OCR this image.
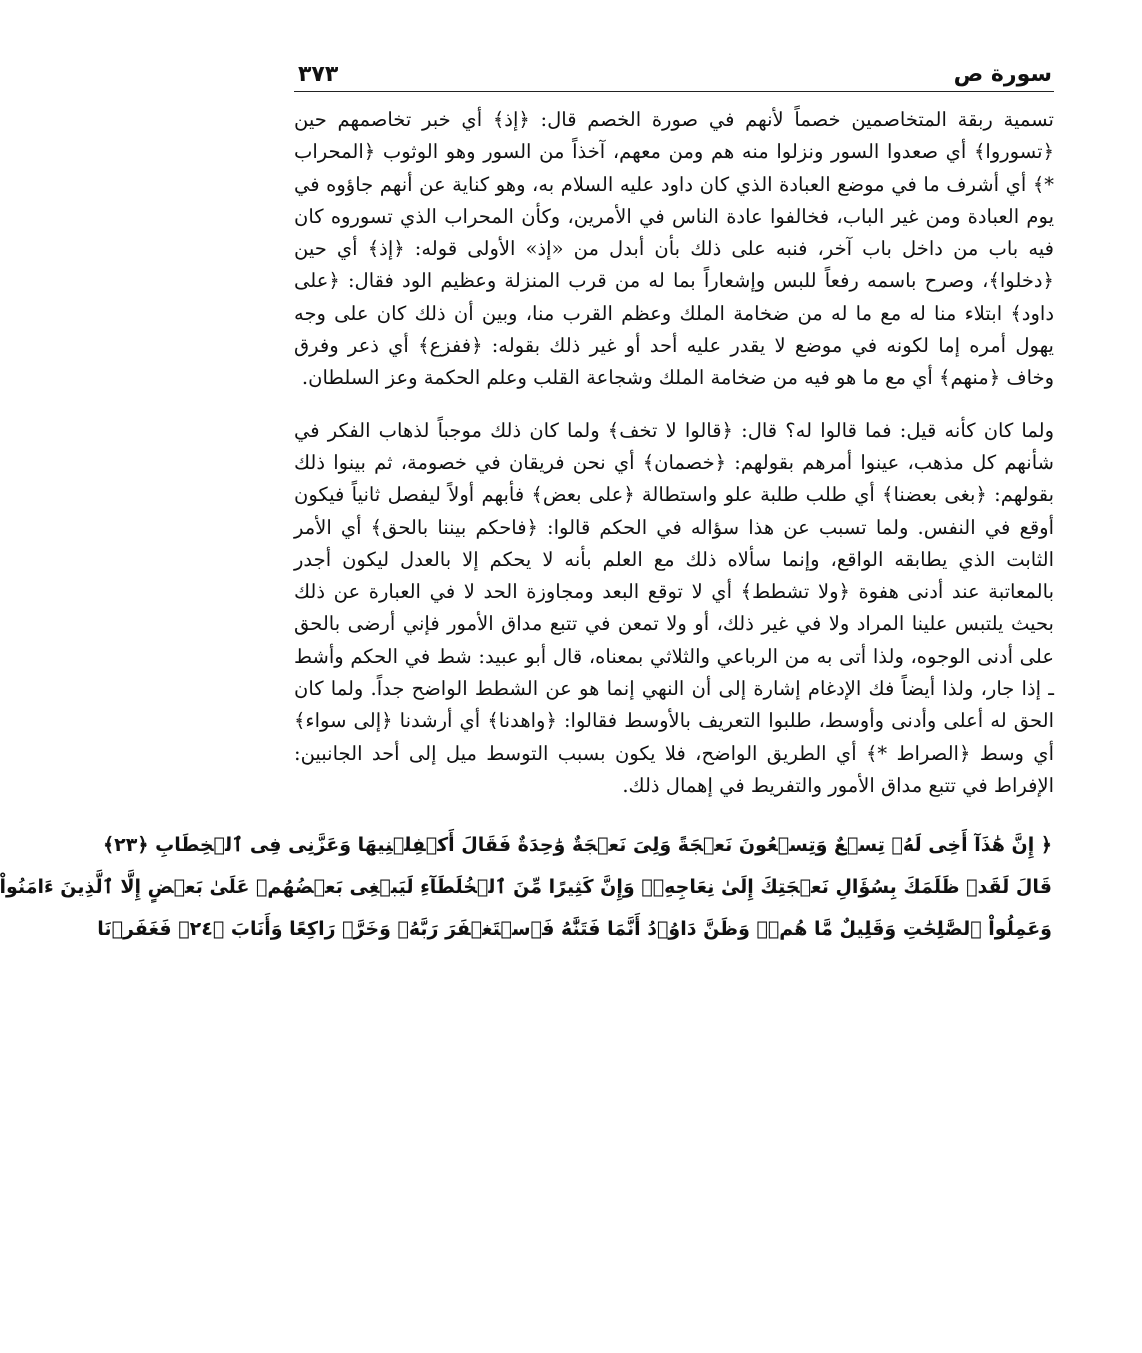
سورة ص
٣٧٣

تسمية ربقة المتخاصمين خصماً لأنهم في صورة الخصم قال: ﴿إذ﴾ أي خبر تخاصمهم حين ﴿تسوروا﴾ أي صعدوا السور ونزلوا منه هم ومن معهم، آخذاً من السور وهو الوثوب ﴿المحراب *﴾ أي أشرف ما في موضع العبادة الذي كان داود عليه السلام به، وهو كناية عن أنهم جاؤوه في يوم العبادة ومن غير الباب، فخالفوا عادة الناس في الأمرين، وكأن المحراب الذي تسوروه كان فيه باب من داخل باب آخر، فنبه على ذلك بأن أبدل من «إذ» الأولى قوله: ﴿إذ﴾ أي حين ﴿دخلوا﴾، وصرح باسمه رفعاً للبس وإشعاراً بما له من قرب المنزلة وعظيم الود فقال: ﴿على داود﴾ ابتلاء منا له مع ما له من ضخامة الملك وعظم القرب منا، وبين أن ذلك كان على وجه يهول أمره إما لكونه في موضع لا يقدر عليه أحد أو غير ذلك بقوله: ﴿ففزع﴾ أي ذعر وفرق وخاف ﴿منهم﴾ أي مع ما هو فيه من ضخامة الملك وشجاعة القلب وعلم الحكمة وعز السلطان.

ولما كان كأنه قيل: فما قالوا له؟ قال: ﴿قالوا لا تخف﴾ ولما كان ذلك موجباً لذهاب الفكر في شأنهم كل مذهب، عينوا أمرهم بقولهم: ﴿خصمان﴾ أي نحن فريقان في خصومة، ثم بينوا ذلك بقولهم: ﴿بغى بعضنا﴾ أي طلب طلبة علو واستطالة ﴿على بعض﴾ فأبهم أولاً ليفصل ثانياً فيكون أوقع في النفس. ولما تسبب عن هذا سؤاله في الحكم قالوا: ﴿فاحكم بيننا بالحق﴾ أي الأمر الثابت الذي يطابقه الواقع، وإنما سألاه ذلك مع العلم بأنه لا يحكم إلا بالعدل ليكون أجدر بالمعاتبة عند أدنى هفوة ﴿ولا تشطط﴾ أي لا توقع البعد ومجاوزة الحد لا في العبارة عن ذلك بحيث يلتبس علينا المراد ولا في غير ذلك، أو ولا تمعن في تتبع مداق الأمور فإني أرضى بالحق على أدنى الوجوه، ولذا أتى به من الرباعي والثلاثي بمعناه، قال أبو عبيد: شط في الحكم وأشط ـ إذا جار، ولذا أيضاً فك الإدغام إشارة إلى أن النهي إنما هو عن الشطط الواضح جداً. ولما كان الحق له أعلى وأدنى وأوسط، طلبوا التعريف بالأوسط فقالوا: ﴿واهدنا﴾ أي أرشدنا ﴿إلى سواء﴾ أي وسط ﴿الصراط *﴾ أي الطريق الواضح، فلا يكون بسبب التوسط ميل إلى أحد الجانبين: الإفراط في تتبع مداق الأمور والتفريط في إهمال ذلك.

﴿ إِنَّ هَٰذَآ أَخِى لَهُۥ تِسۡعٌ وَتِسۡعُونَ نَعۡجَةً وَلِىَ نَعۡجَةٌ وَٰحِدَةٌ فَقَالَ أَكۡفِلۡنِيهَا وَعَزَّنِى فِى ٱلۡخِطَابِ ﴿٢٣﴾
قَالَ لَقَدۡ ظَلَمَكَ بِسُؤَالِ نَعۡجَتِكَ إِلَىٰ نِعَاجِهِۦۖ وَإِنَّ كَثِيرًا مِّنَ ٱلۡخُلَطَآءِ لَيَبۡغِى بَعۡضُهُمۡ عَلَىٰ بَعۡضٍ إِلَّا ٱلَّذِينَ ءَامَنُواْ
وَعَمِلُواْ ٱلصَّٰلِحَٰتِ وَقَلِيلٌ مَّا هُمۡۗ وَظَنَّ دَاوُۥدُ أَنَّمَا فَتَنَّٰهُ فَٱسۡتَغۡفَرَ رَبَّهُۥ وَخَرَّۤ رَاكِعًا وَأَنَابَ ﴿٢٤﴾ فَغَفَرۡنَا
